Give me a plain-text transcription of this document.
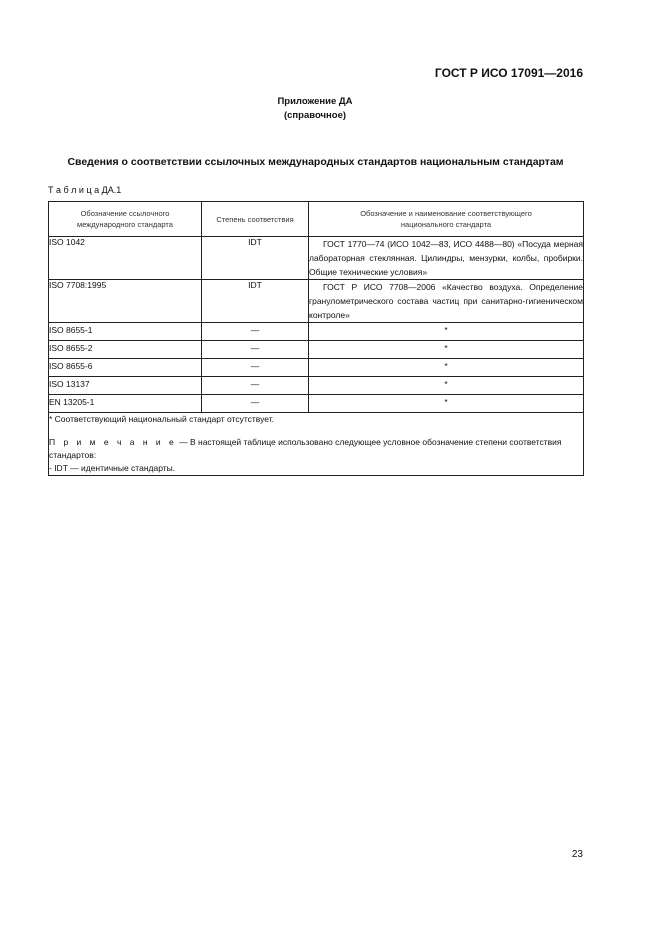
ГОСТ Р ИСО 17091—2016
Приложение ДА
(справочное)
Сведения о соответствии ссылочных международных стандартов национальным стандартам
Т а б л и ц а ДА.1
Обозначение ссылочного международного стандарта	Степень соответствия	Обозначение и наименование соответствующего национального стандарта
ISO 1042	IDT	ГОСТ 1770—74 (ИСО 1042—83, ИСО 4488—80) «Посуда мерная лабораторная стеклянная. Цилиндры, мензурки, колбы, пробирки. Общие технические условия»
ISO 7708:1995	IDT	ГОСТ Р ИСО 7708—2006 «Качество воздуха. Определение гранулометрического состава частиц при санитарно-гигиеническом контроле»
ISO 8655-1	—	*
ISO 8655-2	—	*
ISO 8655-6	—	*
ISO 13137	—	*
EN 13205-1	—	*

* Соответствующий национальный стандарт отсутствует.
П р и м е ч а н и е — В настоящей таблице использовано следующее условное обозначение степени соответствия стандартов:
- IDT — идентичные стандарты.		
23
